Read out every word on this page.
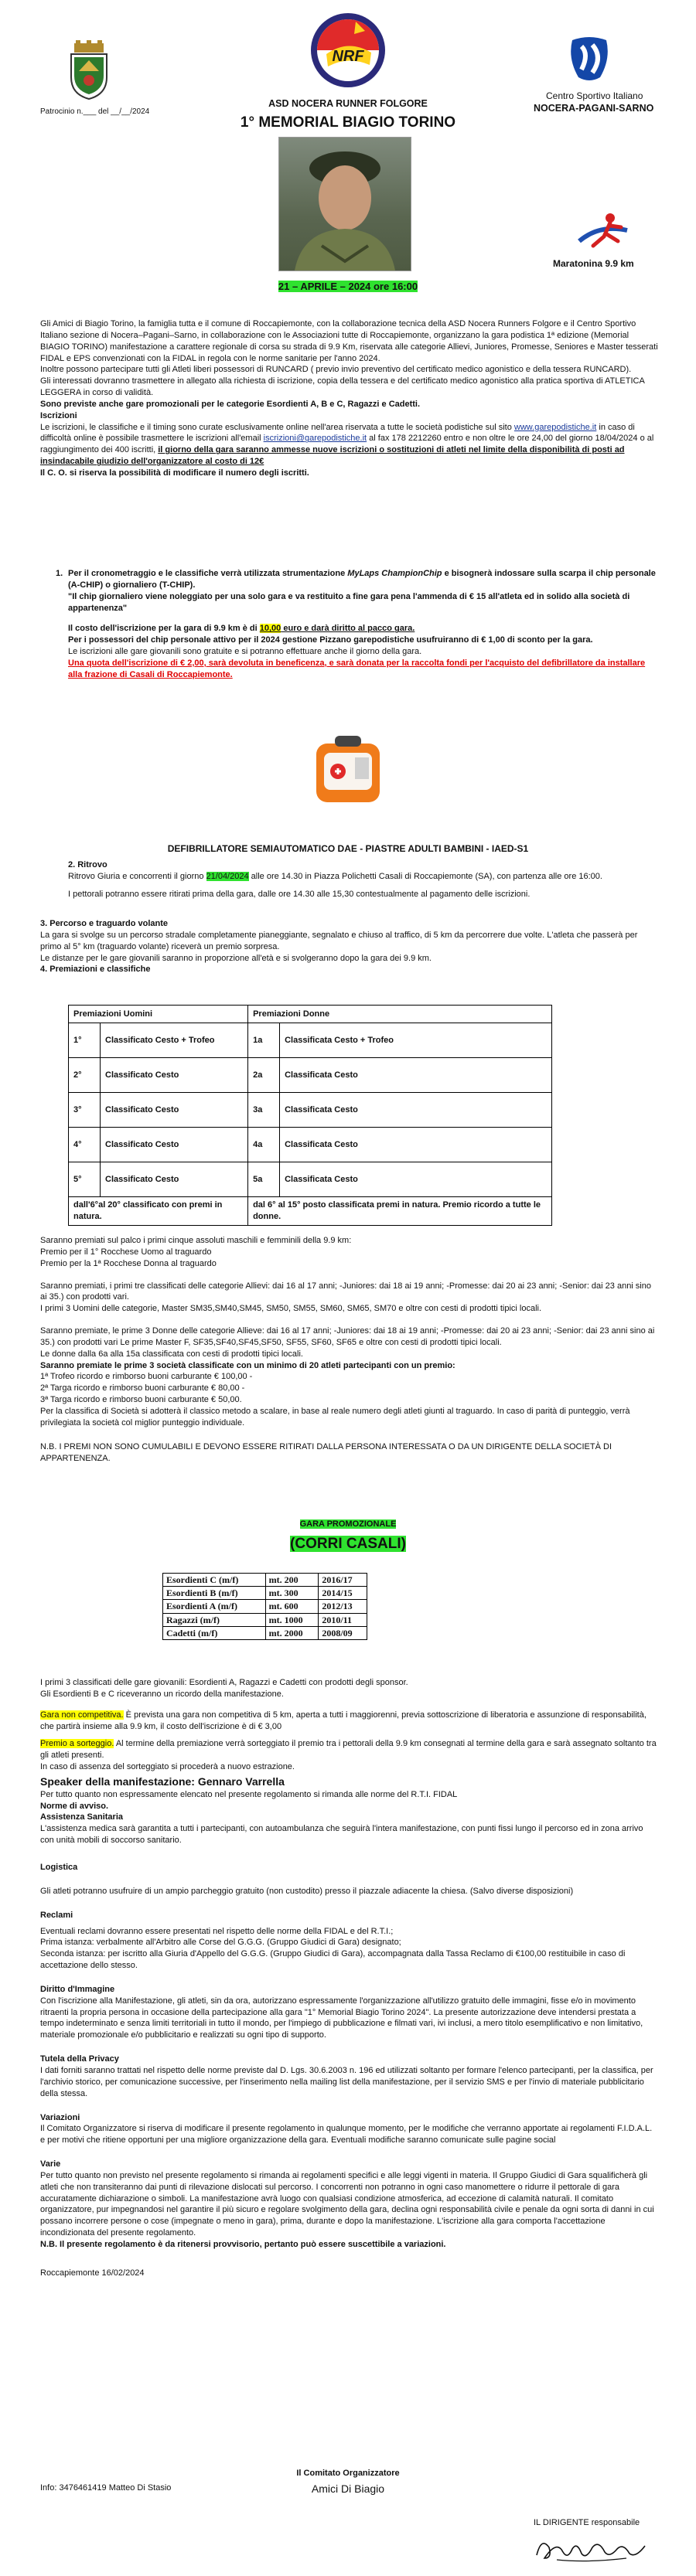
Patrocinio n.___ del __/__/2024
NRF
ASD NOCERA RUNNER FOLGORE
Centro Sportivo Italiano
NOCERA-PAGANI-SARNO
1° MEMORIAL BIAGIO TORINO
Maratonina 9.9 km
21 – APRILE – 2024 ore 16:00

Gli Amici di Biagio Torino, la famiglia tutta e il comune di Roccapiemonte, con la collaborazione tecnica della ASD Nocera Runners Folgore e il Centro Sportivo Italiano sezione di Nocera–Pagani–Sarno, in collaborazione con le Associazioni tutte di Roccapiemonte, organizzano la gara podistica 1ª edizione (Memorial BIAGIO TORINO) manifestazione a carattere regionale di corsa su strada di 9.9 Km, riservata alle categorie Allievi, Juniores, Promesse, Seniores e Master tesserati FIDAL e EPS convenzionati con la FIDAL in regola con le norme sanitarie per l'anno 2024.

Inoltre possono partecipare tutti gli Atleti liberi possessori di RUNCARD ( previo invio preventivo del certificato medico agonistico e della tessera RUNCARD).

Gli interessati dovranno trasmettere in allegato alla richiesta di iscrizione, copia della tessera e del certificato medico agonistico alla pratica sportiva di ATLETICA LEGGERA in corso di validità.

Sono previste anche gare promozionali per le categorie Esordienti A, B e C, Ragazzi e Cadetti.

Iscrizioni

Le iscrizioni, le classifiche e il timing sono curate esclusivamente online nell'area riservata a tutte le società podistiche sul sito www.garepodistiche.it in caso di difficoltà online è possibile trasmettere le iscrizioni all'email iscrizioni@garepodistiche.it al fax 178 2212260 entro e non oltre le ore 24,00 del giorno 18/04/2024 o al raggiungimento dei 400 iscritti, il giorno della gara saranno ammesse nuove iscrizioni o sostituzioni di atleti nel limite della disponibilità di posti ad insindacabile giudizio dell'organizzatore al costo di 12€

Il C. O. si riserva la possibilità di modificare il numero degli iscritti.

1. Per il cronometraggio e le classifiche verrà utilizzata strumentazione MyLaps ChampionChip e bisognerà indossare sulla scarpa il chip personale (A-CHIP) o giornaliero (T-CHIP).

"Il chip giornaliero viene noleggiato per una solo gara e va restituito a fine gara pena l'ammenda di € 15 all'atleta ed in solido alla società di appartenenza"

Il costo dell'iscrizione per la gara di 9.9 km è di 10,00 euro e darà diritto al pacco gara.

Per i possessori del chip personale attivo per il 2024 gestione Pizzano garepodistiche usufruiranno di € 1,00 di sconto per la gara.

Le iscrizioni alle gare giovanili sono gratuite e si potranno effettuare anche il giorno della gara.

Una quota dell'iscrizione di € 2,00, sarà devoluta in beneficenza, e sarà donata per la raccolta fondi per l'acquisto del defibrillatore da installare alla frazione di Casali di Roccapiemonte.

DEFIBRILLATORE SEMIAUTOMATICO DAE - PIASTRE ADULTI BAMBINI - IAED-S1

2. Ritrovo

Ritrovo Giuria e concorrenti il giorno 21/04/2024 alle ore 14.30 in Piazza Polichetti Casali di Roccapiemonte (SA), con partenza alle ore 16:00.

I pettorali potranno essere ritirati prima della gara, dalle ore 14.30 alle 15,30 contestualmente al pagamento delle iscrizioni.

3. Percorso e traguardo volante

La gara si svolge su un percorso stradale completamente pianeggiante, segnalato e chiuso al traffico, di 5 km da percorrere due volte. L'atleta che passerà per primo al 5° km (traguardo volante) riceverà un premio sorpresa.

Le distanze per le gare giovanili saranno in proporzione all'età e si svolgeranno dopo la gara dei 9.9 km.

4. Premiazioni e classifiche

Premiazioni Uomini		Premiazioni Donne	
1°	Classificato Cesto + Trofeo	1a	Classificata Cesto + Trofeo
2°	Classificato Cesto	2a	Classificata Cesto
3°	Classificato Cesto	3a	Classificata Cesto
4°	Classificato Cesto	4a	Classificata Cesto
5°	Classificato Cesto	5a	Classificata Cesto
dall'6°al 20° classificato con premi in natura.		dal 6° al 15° posto classificata premi in natura. Premio ricordo a tutte le donne.	

Saranno premiati sul palco i primi cinque assoluti maschili e femminili della 9.9 km:

Premio per il 1° Rocchese Uomo al traguardo

Premio per la 1ª Rocchese Donna al traguardo

Saranno premiati, i primi tre classificati delle categorie Allievi: dai 16 al 17 anni; -Juniores: dai 18 ai 19 anni; -Promesse: dai 20 ai 23 anni; -Senior: dai 23 anni sino ai 35.) con prodotti vari.

I primi 3 Uomini delle categorie, Master SM35,SM40,SM45, SM50, SM55, SM60, SM65, SM70 e oltre con cesti di prodotti tipici locali.

Saranno premiate, le prime 3 Donne delle categorie Allieve: dai 16 al 17 anni; -Juniores: dai 18 ai 19 anni; -Promesse: dai 20 ai 23 anni; -Senior: dai 23 anni sino ai 35.) con prodotti vari Le prime Master F, SF35,SF40,SF45,SF50, SF55, SF60, SF65 e oltre con cesti di prodotti tipici locali.

Le donne dalla 6a alla 15a classificata con cesti di prodotti tipici locali.

Saranno premiate le prime 3 società classificate con un minimo di 20 atleti partecipanti con un premio:

1ª Trofeo ricordo e rimborso buoni carburante € 100,00 -

2ª Targa ricordo e rimborso buoni carburante € 80,00 -

3ª Targa ricordo e rimborso buoni carburante € 50,00.

Per la classifica di Società si adotterà il classico metodo a scalare, in base al reale numero degli atleti giunti al traguardo. In caso di parità di punteggio, verrà privilegiata la società col miglior punteggio individuale.

N.B. I PREMI NON SONO CUMULABILI E DEVONO ESSERE RITIRATI DALLA PERSONA INTERESSATA O DA UN DIRIGENTE DELLA SOCIETÀ DI APPARTENENZA.

GARA PROMOZIONALE
(CORRI CASALI)
Esordienti C (m/f)	mt. 200	2016/17
Esordienti B (m/f)	mt. 300	2014/15
Esordienti A (m/f)	mt. 600	2012/13
Ragazzi (m/f)	mt. 1000	2010/11
Cadetti (m/f)	mt. 2000	2008/09

I primi 3 classificati delle gare giovanili: Esordienti A, Ragazzi e Cadetti con prodotti degli sponsor.

Gli Esordienti B e C riceveranno un ricordo della manifestazione.

Gara non competitiva. È prevista una gara non competitiva di 5 km, aperta a tutti i maggiorenni, previa sottoscrizione di liberatoria e assunzione di responsabilità, che partirà insieme alla 9.9 km, il costo dell'iscrizione è di € 3,00

Premio a sorteggio. Al termine della premiazione verrà sorteggiato il premio tra i pettorali della 9.9 km consegnati al termine della gara e sarà assegnato soltanto tra gli atleti presenti.

In caso di assenza del sorteggiato si procederà a nuovo estrazione.

Speaker della manifestazione: Gennaro Varrella

Per tutto quanto non espressamente elencato nel presente regolamento si rimanda alle norme del R.T.I. FIDAL

Norme di avviso.

Assistenza Sanitaria

L'assistenza medica sarà garantita a tutti i partecipanti, con autoambulanza che seguirà l'intera manifestazione, con punti fissi lungo il percorso ed in zona arrivo con unità mobili di soccorso sanitario.

Logistica

Gli atleti potranno usufruire di un ampio parcheggio gratuito (non custodito) presso il piazzale adiacente la chiesa. (Salvo diverse disposizioni)

Reclami

Eventuali reclami dovranno essere presentati nel rispetto delle norme della FIDAL e del R.T.I.;

Prima istanza: verbalmente all'Arbitro alle Corse del G.G.G. (Gruppo Giudici di Gara) designato;

Seconda istanza: per iscritto alla Giuria d'Appello del G.G.G. (Gruppo Giudici di Gara), accompagnata dalla Tassa Reclamo di €100,00 restituibile in caso di accettazione dello stesso.

Diritto d'Immagine

Con l'iscrizione alla Manifestazione, gli atleti, sin da ora, autorizzano espressamente l'organizzazione all'utilizzo gratuito delle immagini, fisse e/o in movimento ritraenti la propria persona in occasione della partecipazione alla gara "1° Memorial Biagio Torino 2024". La presente autorizzazione deve intendersi prestata a tempo indeterminato e senza limiti territoriali in tutto il mondo, per l'impiego di pubblicazione e filmati vari, ivi inclusi, a mero titolo esemplificativo e non limitativo, materiale promozionale e/o pubblicitario e realizzati su ogni tipo di supporto.

Tutela della Privacy

I dati forniti saranno trattati nel rispetto delle norme previste dal D. Lgs. 30.6.2003 n. 196 ed utilizzati soltanto per formare l'elenco partecipanti, per la classifica, per l'archivio storico, per comunicazione successive, per l'inserimento nella mailing list della manifestazione, per il servizio SMS e per l'invio di materiale pubblicitario della stessa.

Variazioni

Il Comitato Organizzatore si riserva di modificare il presente regolamento in qualunque momento, per le modifiche che verranno apportate ai regolamenti F.I.D.A.L. e per motivi che ritiene opportuni per una migliore organizzazione della gara. Eventuali modifiche saranno comunicate sulle pagine social

Varie

Per tutto quanto non previsto nel presente regolamento si rimanda ai regolamenti specifici e alle leggi vigenti in materia. Il Gruppo Giudici di Gara squalificherà gli atleti che non transiteranno dai punti di rilevazione dislocati sul percorso. I concorrenti non potranno in ogni caso manomettere o ridurre il pettorale di gara accuratamente dichiarazione o simboli. La manifestazione avrà luogo con qualsiasi condizione atmosferica, ad eccezione di calamità naturali. Il comitato organizzatore, pur impegnandosi nel garantire il più sicuro e regolare svolgimento della gara, declina ogni responsabilità civile e penale da ogni sorta di danni in cui possano incorrere persone o cose (impegnate o meno in gara), prima, durante e dopo la manifestazione. L'iscrizione alla gara comporta l'accettazione incondizionata del presente regolamento.

N.B. Il presente regolamento è da ritenersi provvisorio, pertanto può essere suscettibile a variazioni.

Roccapiemonte 16/02/2024

Il Comitato Organizzatore
Info: 3476461419 Matteo Di Stasio	Amici Di Biagio
IL DIRIGENTE responsabile
